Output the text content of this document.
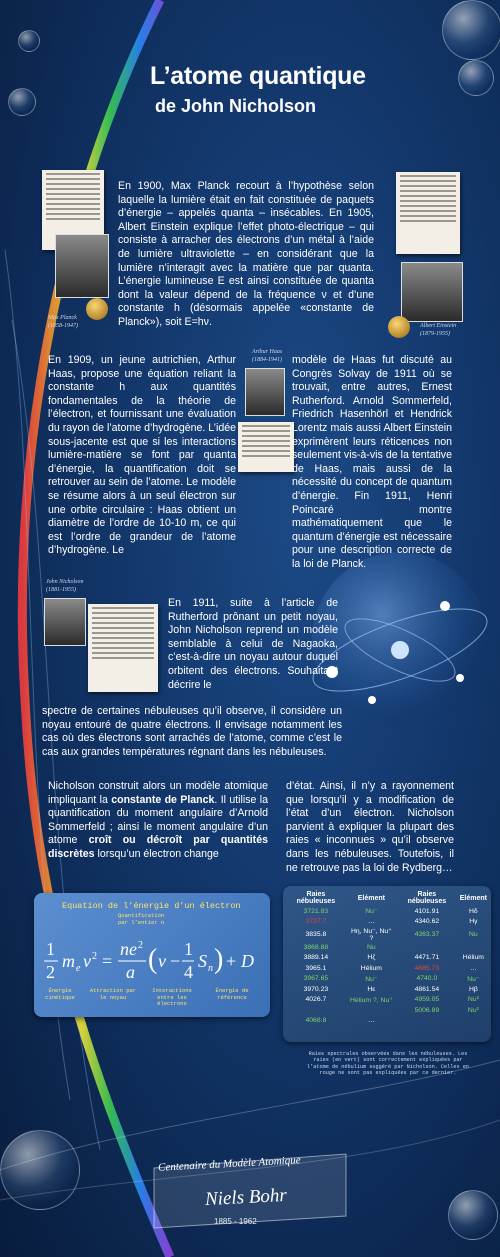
L’atome quantique
de John Nicholson
Max Planck
(1858-1947)
En 1900, Max Planck recourt à l’hypothèse selon laquelle la lumière était en fait constituée de paquets d’énergie – appelés quanta – insécables. En 1905, Albert Einstein explique l’effet photo-électrique – qui consiste à arracher des électrons d’un métal à l’aide de lumière ultraviolette – en considérant que la lumière n’interagit avec la matière que par quanta. L’énergie lumineuse E est ainsi constituée de quanta dont la valeur dépend de la fréquence ν et d’une constante h (désormais appelée «constante de Planck»), soit E=hν.	Albert Einstein
(1879-1955)
En 1909, un jeune autrichien, Arthur Haas, propose une équation reliant la constante h aux quantités fondamentales de la théorie de l’électron, et fournissant une évaluation du rayon de l’atome d’hydrogène. L’idée sous-jacente est que si les interactions lumière-matière se font par quanta d’énergie, la quantification doit se retrouver au sein de l’atome. Le modèle se résume alors à un seul électron sur une orbite circulaire : Haas obtient un diamètre de l’ordre de 10-10 m, ce qui est l’ordre de grandeur de l’atome d’hydrogène. Le
Arthur Haas
(1884-1941) modèle de Haas fut discuté au Congrès Solvay de 1911 où se trouvait, entre autres, Ernest Rutherford. Arnold Sommerfeld, Friedrich Hasenhörl et Hendrick Lorentz mais aussi Albert Einstein exprimèrent leurs réticences non seulement vis-à-vis de la tentative de Haas, mais aussi de la nécessité du concept de quantum d’énergie. Fin 1911, Henri Poincaré montre mathématiquement que le quantum d’énergie est nécessaire pour une description correcte de la loi de Planck.
John Nicholson
(1881-1955)
En 1911, suite à l’article de Rutherford prônant un petit noyau, John Nicholson reprend un modèle semblable à celui de Nagaoka, c’est-à-dire un noyau autour duquel orbitent des électrons. Souhaitant décrire le
spectre de certaines nébuleuses qu’il observe, il considère un noyau entouré de quatre électrons. Il envisage notamment les cas où des électrons sont arrachés de l’atome, comme c’est le cas aux grandes températures régnant dans les nébuleuses.
Nicholson construit alors un modèle atomique impliquant la constante de Planck. Il utilise la quantification du moment angulaire d’Arnold Sommerfeld ; ainsi le moment angulaire d’un atome croît ou décroît par quantités discrètes lorsqu’un électron change
d’état. Ainsi, il n’y a rayonnement que lorsqu’il y a modification de l’état d’un électron. Nicholson parvient à expliquer la plupart des raies « inconnues » qu’il observe dans les nébuleuses. Toutefois, il ne retrouve pas la loi de Rydberg…
Equation de l’énergie d’un électron
Quantification
par l’entier n
1
2
m e v 2 =
ne 2
a ( ν −
1
4
S n ) + D
Énergie cinétique
Attraction par le noyau
Interactions entre les électrons
Énergie de référence
Raies nébuleuses	Elément	Raies nébuleuses	Elément
3721.83	Nu⁻	4101.91	Hδ
3727.7	…	4340.62	Hγ
3835.8	Hη, Nu⁻, Nu⁺ ?	4363.37	Nu
3868.88	Nu		
3889.14	Hζ	4471.71	Hélium
3965.1	Hélium	4685.73	…
3967.65	Nu⁻	4740.0	Nu⁻
3970.23	Hε	4861.54	Hβ
4026.7	Hélium ?, Nu⁺	4959.05	Nu²
		5006.89	Nu²
4068.8	…		
Raies spectrales observées dans les nébuleuses. Les raies (en vert) sont correctement expliquées par l’atome de nébulium suggéré par Nicholson. Celles en rouge ne sont pas expliquées par ce dernier.
Centenaire du Modèle Atomique
Niels Bohr
1885 - 1962
